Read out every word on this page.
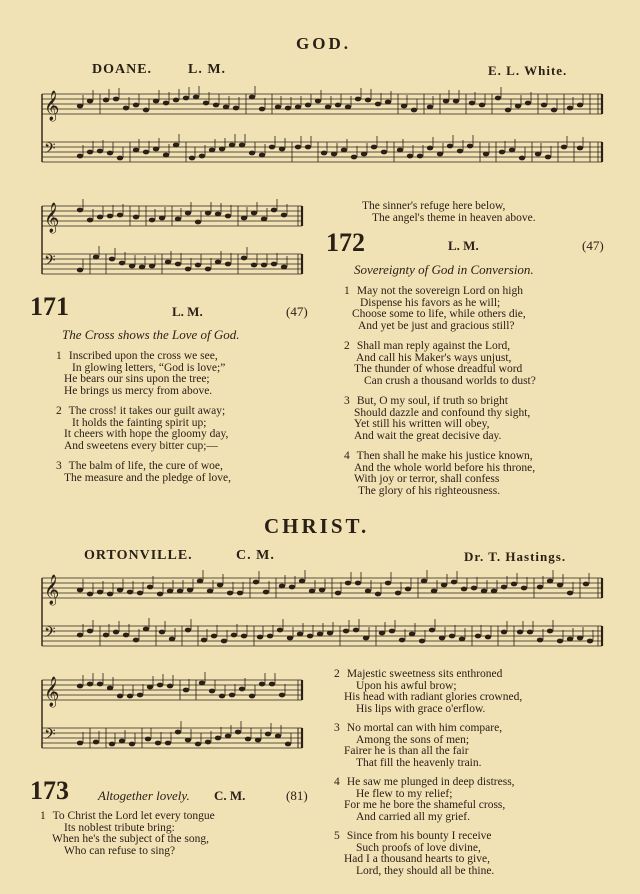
GOD.
DOANE.	L. M.	E. L. White.
𝄞
𝄢
𝄞
𝄢
𝄞
𝄢
𝄞
𝄢
171	L. M.	(47)
The Cross shows the Love of God.
1 Inscribed upon the cross we see,
In glowing letters, “God is love;”
He bears our sins upon the tree;
He brings us mercy from above.
2 The cross! it takes our guilt away;
It holds the fainting spirit up;
It cheers with hope the gloomy day,
And sweetens every bitter cup;—
3 The balm of life, the cure of woe,
The measure and the pledge of love,
The sinner's refuge here below,
The angel's theme in heaven above.
172	L. M.	(47)
Sovereignty of God in Conversion.
1 May not the sovereign Lord on high
Dispense his favors as he will;
Choose some to life, while others die,
And yet be just and gracious still?
2 Shall man reply against the Lord,
And call his Maker's ways unjust,
The thunder of whose dreadful word
Can crush a thousand worlds to dust?
3 But, O my soul, if truth so bright
Should dazzle and confound thy sight,
Yet still his written will obey,
And wait the great decisive day.
4 Then shall he make his justice known,
And the whole world before his throne,
With joy or terror, shall confess
The glory of his righteousness.
CHRIST.
ORTONVILLE.	C. M.	Dr. T. Hastings.
173 Altogether lovely. C. M.	(81)
1 To Christ the Lord let every tongue
Its noblest tribute bring:
When he's the subject of the song,
Who can refuse to sing?
2 Majestic sweetness sits enthroned
Upon his awful brow;
His head with radiant glories crowned,
His lips with grace o'erflow.
3 No mortal can with him compare,
Among the sons of men;
Fairer he is than all the fair
That fill the heavenly train.
4 He saw me plunged in deep distress,
He flew to my relief;
For me he bore the shameful cross,
And carried all my grief.
5 Since from his bounty I receive
Such proofs of love divine,
Had I a thousand hearts to give,
Lord, they should all be thine.
